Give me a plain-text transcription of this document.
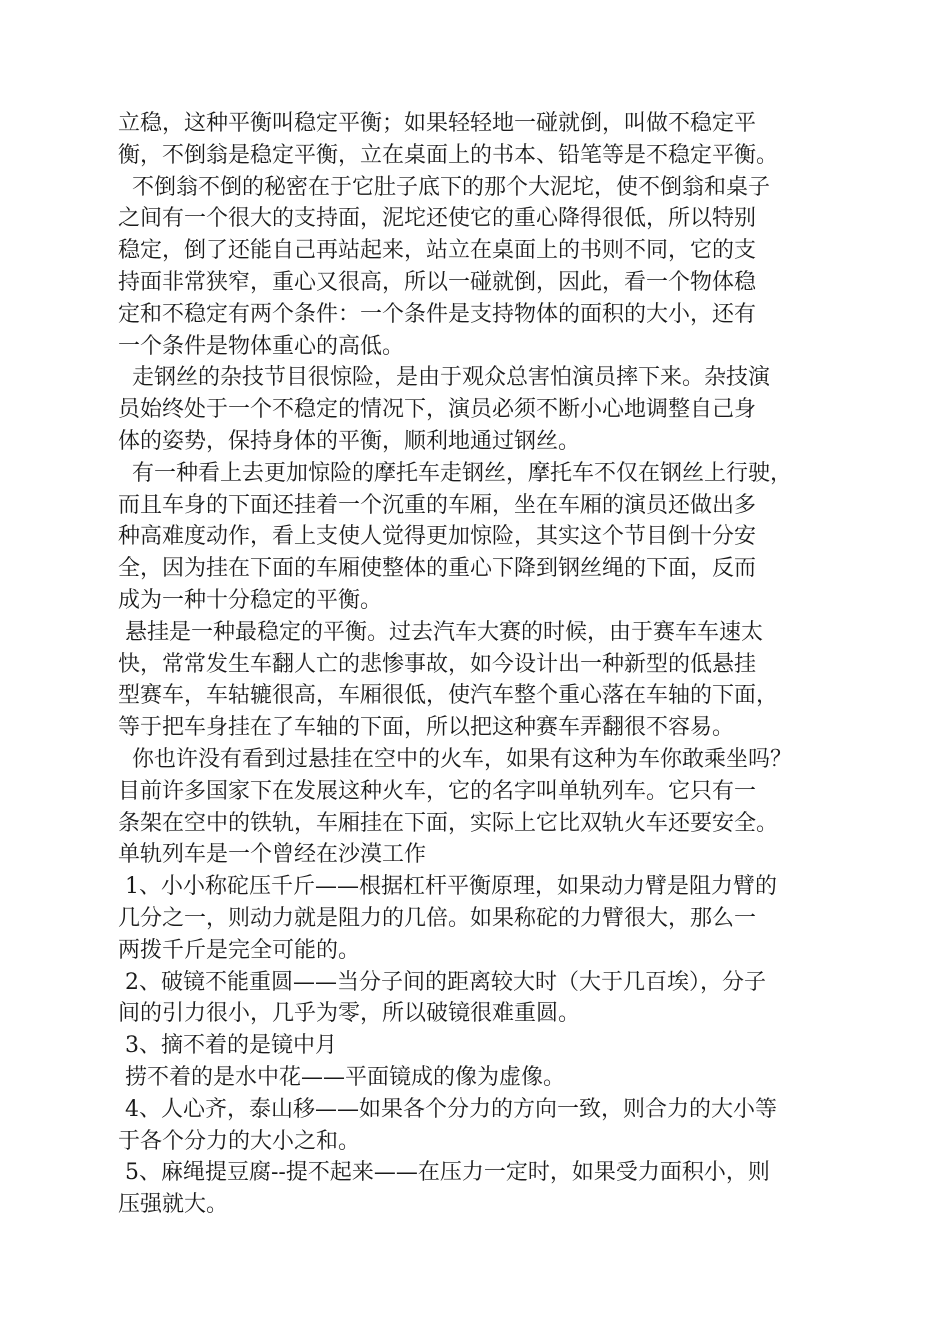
立稳，这种平衡叫稳定平衡；如果轻轻地一碰就倒，叫做不稳定平
衡，不倒翁是稳定平衡，立在桌面上的书本、铅笔等是不稳定平衡。
不倒翁不倒的秘密在于它肚子底下的那个大泥坨，使不倒翁和桌子
之间有一个很大的支持面，泥坨还使它的重心降得很低，所以特别
稳定，倒了还能自己再站起来，站立在桌面上的书则不同，它的支
持面非常狭窄，重心又很高，所以一碰就倒，因此，看一个物体稳
定和不稳定有两个条件：一个条件是支持物体的面积的大小，还有
一个条件是物体重心的高低。
走钢丝的杂技节目很惊险，是由于观众总害怕演员摔下来。杂技演
员始终处于一个不稳定的情况下，演员必须不断小心地调整自己身
体的姿势，保持身体的平衡，顺利地通过钢丝。
有一种看上去更加惊险的摩托车走钢丝，摩托车不仅在钢丝上行驶，
而且车身的下面还挂着一个沉重的车厢，坐在车厢的演员还做出多
种高难度动作，看上支使人觉得更加惊险，其实这个节目倒十分安
全，因为挂在下面的车厢使整体的重心下降到钢丝绳的下面，反而
成为一种十分稳定的平衡。
悬挂是一种最稳定的平衡。过去汽车大赛的时候，由于赛车车速太
快，常常发生车翻人亡的悲惨事故，如今设计出一种新型的低悬挂
型赛车，车轱辘很高，车厢很低，使汽车整个重心落在车轴的下面，
等于把车身挂在了车轴的下面，所以把这种赛车弄翻很不容易。
你也许没有看到过悬挂在空中的火车，如果有这种为车你敢乘坐吗？
目前许多国家下在发展这种火车，它的名字叫单轨列车。它只有一
条架在空中的铁轨，车厢挂在下面，实际上它比双轨火车还要安全。
单轨列车是一个曾经在沙漠工作
1、小小称砣压千斤——根据杠杆平衡原理，如果动力臂是阻力臂的
几分之一，则动力就是阻力的几倍。如果称砣的力臂很大，那么一
两拨千斤是完全可能的。
2、破镜不能重圆——当分子间的距离较大时（大于几百埃），分子
间的引力很小，几乎为零，所以破镜很难重圆。
3、摘不着的是镜中月
捞不着的是水中花——平面镜成的像为虚像。
4、人心齐，泰山移——如果各个分力的方向一致，则合力的大小等
于各个分力的大小之和。
5、麻绳提豆腐--提不起来——在压力一定时，如果受力面积小，则
压强就大。
